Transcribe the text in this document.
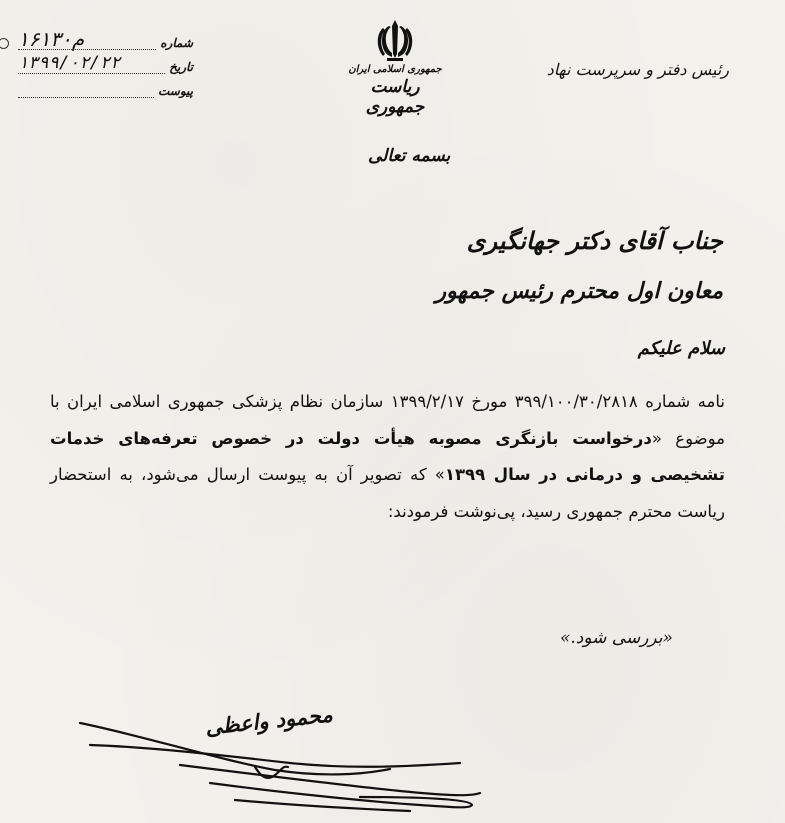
شماره
۱۶۱۳۰م
تاریخ
۱۳۹۹/۰۲/۲۲
پیوست
جمهوری اسلامی ایران
ریاست جمهوری
بسمه تعالی
رئیس دفتر و سرپرست نهاد
جناب آقای دکتر جهانگیری
معاون اول محترم رئیس جمهور
سلام علیکم
نامه شماره ۳۹۹/۱۰۰/۳۰/۲۸۱۸ مورخ ۱۳۹۹/۲/۱۷ سازمان نظام پزشکی جمهوری اسلامی ایران با موضوع «درخواست بازنگری مصوبه هیأت دولت در خصوص تعرفه‌های خدمات تشخیصی و درمانی در سال ۱۳۹۹» که تصویر آن به پیوست ارسال می‌شود، به استحضار ریاست محترم جمهوری رسید، پی‌نوشت فرمودند:
«بررسی شود.»
محمود واعظی
